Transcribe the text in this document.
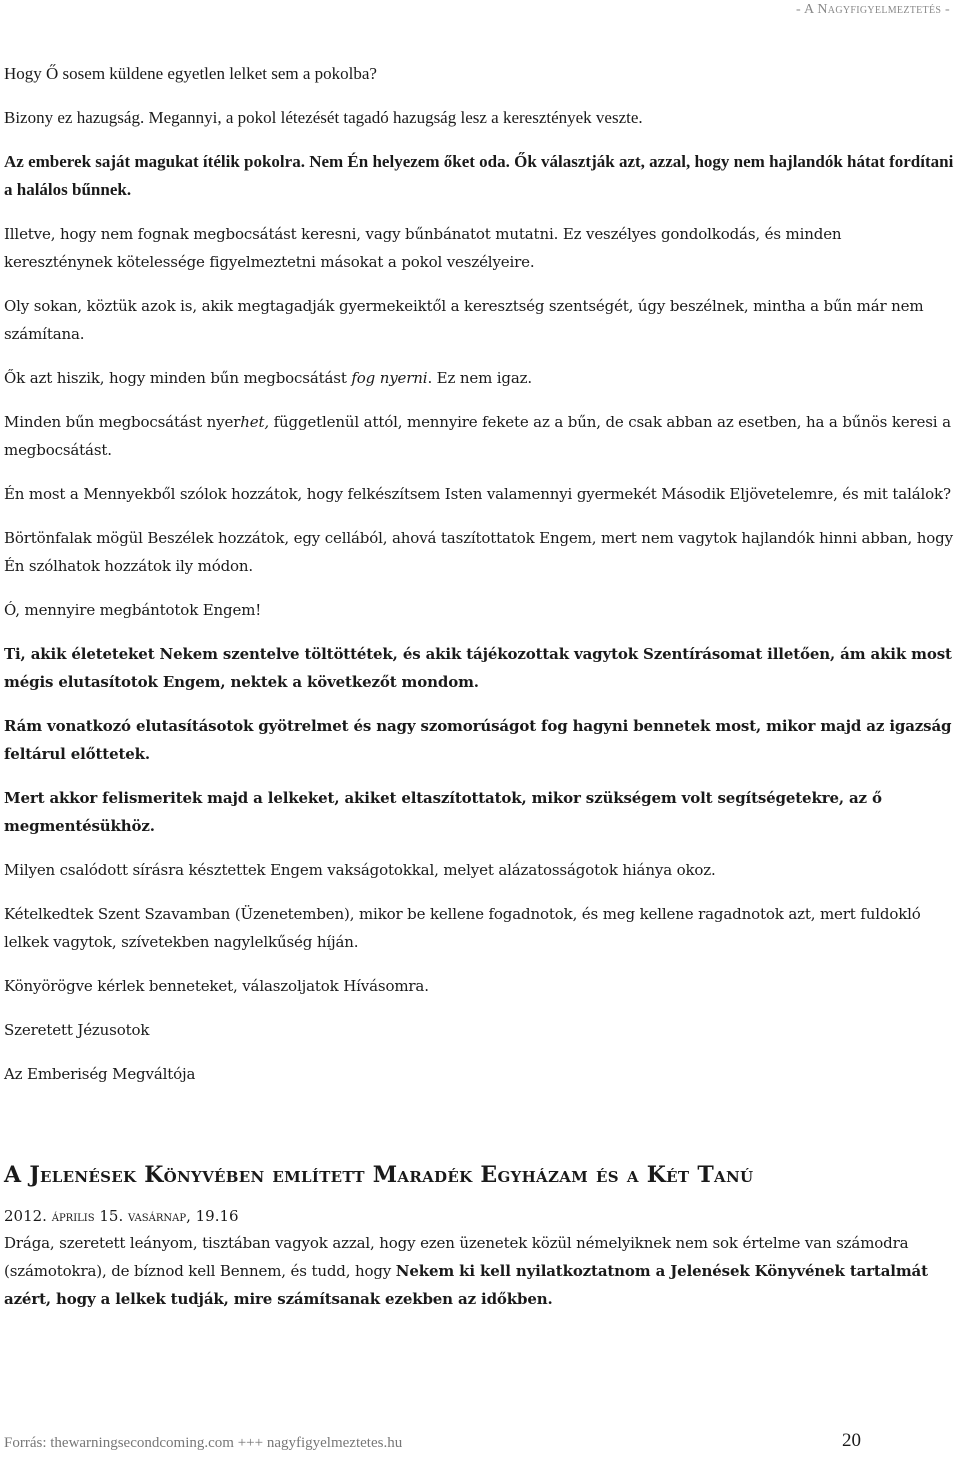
- A Nagyfigyelmeztetés -

Hogy Ő sosem küldene egyetlen lelket sem a pokolba?

Bizony ez hazugság. Megannyi, a pokol létezését tagadó hazugság lesz a keresztények veszte.

Az emberek saját magukat ítélik pokolra. Nem Én helyezem őket oda. Ők választják azt, azzal, hogy nem hajlandók hátat fordítani a halálos bűnnek.

Illetve, hogy nem fognak megbocsátást keresni, vagy bűnbánatot mutatni. Ez veszélyes gondolkodás, és minden kereszténynek kötelessége figyelmeztetni másokat a pokol veszélyeire.

Oly sokan, köztük azok is, akik megtagadják gyermekeiktől a keresztség szentségét, úgy beszélnek, mintha a bűn már nem számítana.

Ők azt hiszik, hogy minden bűn megbocsátást fog nyerni. Ez nem igaz.

Minden bűn megbocsátást nyerhet, függetlenül attól, mennyire fekete az a bűn, de csak abban az esetben, ha a bűnös keresi a megbocsátást.

Én most a Mennyekből szólok hozzátok, hogy felkészítsem Isten valamennyi gyermekét Második Eljövetelemre, és mit találok?

Börtönfalak mögül Beszélek hozzátok, egy cellából, ahová taszítottatok Engem, mert nem vagytok hajlandók hinni abban, hogy Én szólhatok hozzátok ily módon.

Ó, mennyire megbántotok Engem!

Ti, akik életeteket Nekem szentelve töltöttétek, és akik tájékozottak vagytok Szentírásomat illetően, ám akik most mégis elutasítotok Engem, nektek a következőt mondom.

Rám vonatkozó elutasításotok gyötrelmet és nagy szomorúságot fog hagyni bennetek most, mikor majd az igazság feltárul előttetek.

Mert akkor felismeritek majd a lelkeket, akiket eltaszítottatok, mikor szükségem volt segítségetekre, az ő megmentésükhöz.

Milyen csalódott sírásra késztettek Engem vakságotokkal, melyet alázatosságotok hiánya okoz.

Kételkedtek Szent Szavamban (Üzenetemben), mikor be kellene fogadnotok, és meg kellene ragadnotok azt, mert fuldokló lelkek vagytok, szívetekben nagylelkűség híján.

Könyörögve kérlek benneteket, válaszoljatok Hívásomra.

Szeretett Jézusotok

Az Emberiség Megváltója

A Jelenések Könyvében említett Maradék Egyházam és a Két Tanú
2012. április 15. vasárnap, 19.16

Drága, szeretett leányom, tisztában vagyok azzal, hogy ezen üzenetek közül némelyiknek nem sok értelme van számodra (számotokra), de bíznod kell Bennem, és tudd, hogy Nekem ki kell nyilatkoztatnom a Jelenések Könyvének tartalmát azért, hogy a lelkek tudják, mire számítsanak ezekben az időkben.

Forrás: thewarningsecondcoming.com +++ nagyfigyelmeztetes.hu	20
